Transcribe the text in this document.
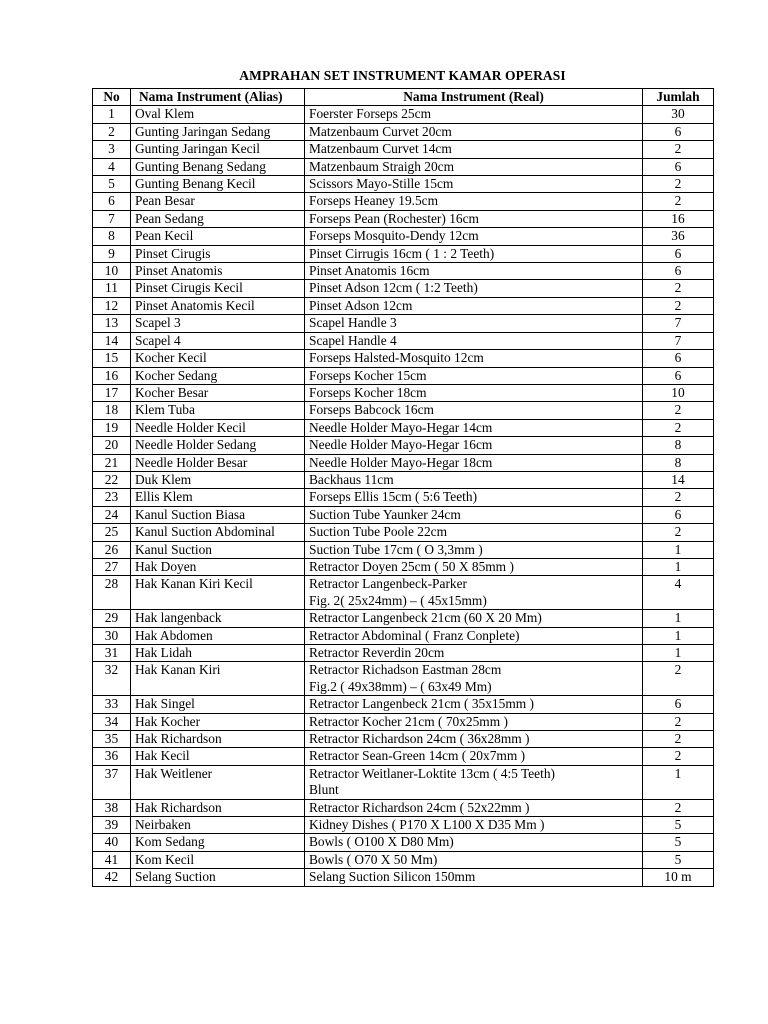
AMPRAHAN SET INSTRUMENT KAMAR OPERASI
No	Nama Instrument (Alias)	Nama Instrument (Real)	Jumlah
1	Oval Klem	Foerster Forseps 25cm	30
2	Gunting Jaringan Sedang	Matzenbaum Curvet 20cm	6
3	Gunting Jaringan Kecil	Matzenbaum Curvet 14cm	2
4	Gunting Benang Sedang	Matzenbaum Straigh 20cm	6
5	Gunting Benang Kecil	Scissors Mayo-Stille 15cm	2
6	Pean Besar	Forseps Heaney 19.5cm	2
7	Pean Sedang	Forseps Pean (Rochester) 16cm	16
8	Pean Kecil	Forseps Mosquito-Dendy 12cm	36
9	Pinset Cirugis	Pinset Cirrugis 16cm ( 1 : 2 Teeth)	6
10	Pinset Anatomis	Pinset Anatomis 16cm	6
11	Pinset Cirugis Kecil	Pinset Adson 12cm ( 1:2 Teeth)	2
12	Pinset Anatomis Kecil	Pinset Adson 12cm	2
13	Scapel 3	Scapel Handle 3	7
14	Scapel 4	Scapel Handle 4	7
15	Kocher Kecil	Forseps Halsted-Mosquito 12cm	6
16	Kocher Sedang	Forseps Kocher 15cm	6
17	Kocher Besar	Forseps Kocher 18cm	10
18	Klem Tuba	Forseps Babcock 16cm	2
19	Needle Holder Kecil	Needle Holder Mayo-Hegar 14cm	2
20	Needle Holder Sedang	Needle Holder Mayo-Hegar 16cm	8
21	Needle Holder Besar	Needle Holder Mayo-Hegar 18cm	8
22	Duk Klem	Backhaus 11cm	14
23	Ellis Klem	Forseps Ellis 15cm ( 5:6 Teeth)	2
24	Kanul Suction Biasa	Suction Tube Yaunker 24cm	6
25	Kanul Suction Abdominal	Suction Tube Poole 22cm	2
26	Kanul Suction	Suction Tube 17cm ( O 3,3mm )	1
27	Hak Doyen	Retractor Doyen 25cm ( 50 X 85mm )	1
28	Hak Kanan Kiri Kecil	Retractor Langenbeck-Parker
Fig. 2( 25x24mm) – ( 45x15mm)	4
29	Hak langenback	Retractor Langenbeck 21cm (60 X 20 Mm)	1
30	Hak Abdomen	Retractor Abdominal ( Franz Conplete)	1
31	Hak Lidah	Retractor Reverdin 20cm	1
32	Hak Kanan Kiri	Retractor Richadson Eastman 28cm
Fig.2 ( 49x38mm) – ( 63x49 Mm)	2
33	Hak Singel	Retractor Langenbeck 21cm ( 35x15mm )	6
34	Hak Kocher	Retractor Kocher 21cm ( 70x25mm )	2
35	Hak Richardson	Retractor Richardson 24cm ( 36x28mm )	2
36	Hak Kecil	Retractor Sean-Green 14cm ( 20x7mm )	2
37	Hak Weitlener	Retractor Weitlaner-Loktite 13cm ( 4:5 Teeth)
Blunt	1
38	Hak Richardson	Retractor Richardson 24cm ( 52x22mm )	2
39	Neirbaken	Kidney Dishes ( P170 X L100 X D35 Mm )	5
40	Kom Sedang	Bowls ( O100 X D80 Mm)	5
41	Kom Kecil	Bowls ( O70 X 50 Mm)	5
42	Selang Suction	Selang Suction Silicon 150mm	10 m
